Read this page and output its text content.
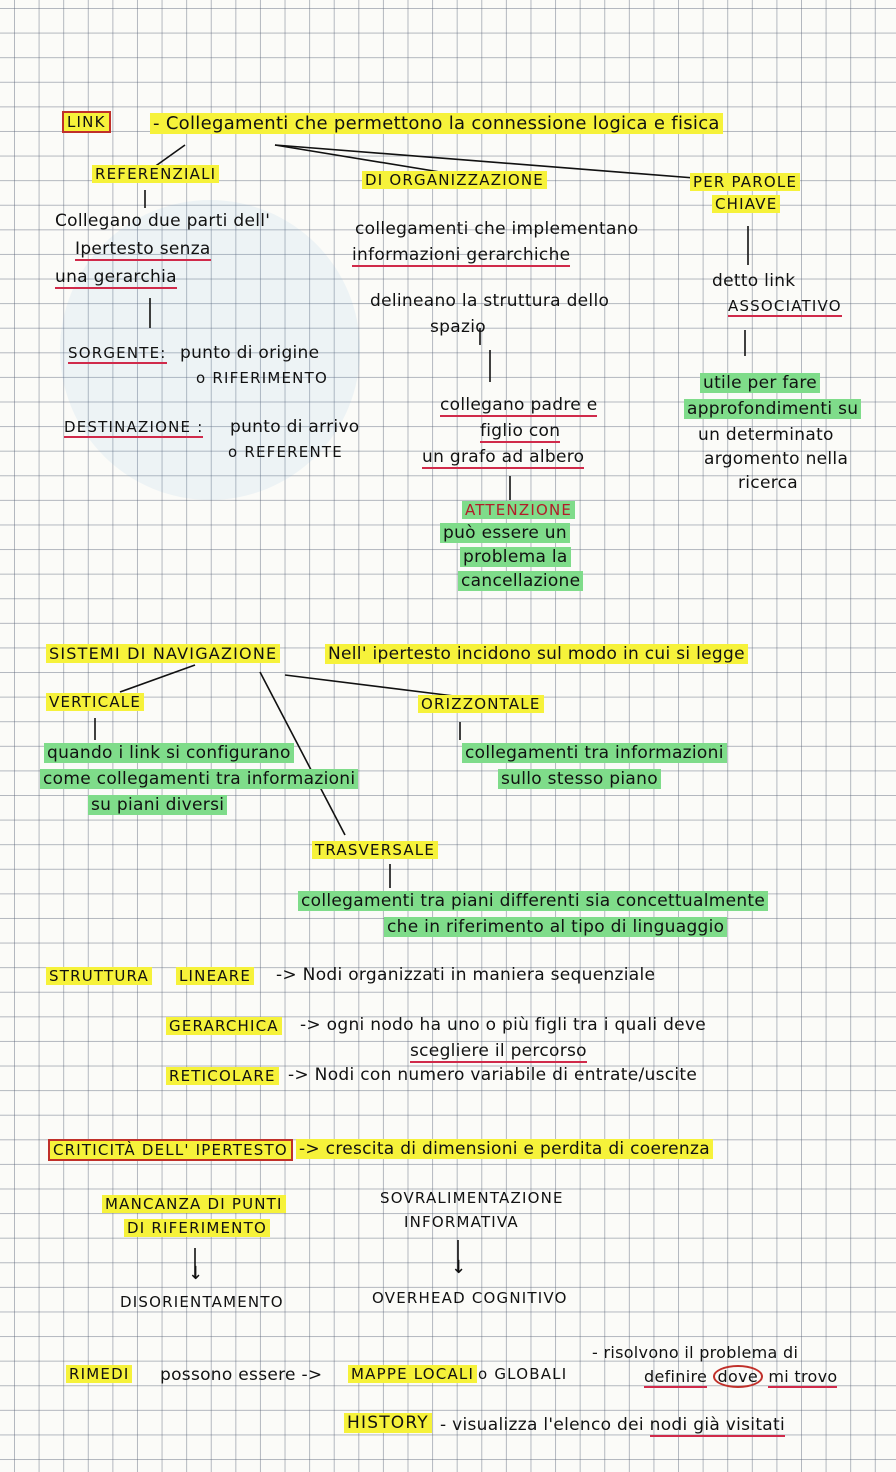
LINK	- Collegamenti che permettono la connessione logica e fisica
REFERENZIALI
Collegano due parti dell'
Ipertesto senza
una gerarchia
SORGENTE: punto di origine
o RIFERIMENTO
DESTINAZIONE : punto di arrivo
o REFERENTE
DI ORGANIZZAZIONE
collegamenti che implementano
informazioni gerarchiche
delineano la struttura dello
spazio
collegano padre e
figlio con
un grafo ad albero
ATTENZIONE
può essere un
problema la
cancellazione
PER PAROLE
CHIAVE
detto link
ASSOCIATIVO
utile per fare
approfondimenti su
un determinato
argomento nella
ricerca
SISTEMI DI NAVIGAZIONE	Nell' ipertesto incidono sul modo in cui si legge
VERTICALE
quando i link si configurano
come collegamenti tra informazioni
su piani diversi
ORIZZONTALE
collegamenti tra informazioni
sullo stesso piano
TRASVERSALE
collegamenti tra piani differenti sia concettualmente
che in riferimento al tipo di linguaggio
STRUTTURA LINEARE -> Nodi organizzati in maniera sequenziale
GERARCHICA -> ogni nodo ha uno o più figli tra i quali deve
scegliere il percorso
RETICOLARE -> Nodi con numero variabile di entrate/uscite
CRITICITÀ DELL' IPERTESTO -> crescita di dimensioni e perdita di coerenza
MANCANZA DI PUNTI
DI RIFERIMENTO
DISORIENTAMENTO
SOVRALIMENTAZIONE
INFORMATIVA
OVERHEAD COGNITIVO
RIMEDI possono essere -> MAPPE LOCALI o GLOBALI
- risolvono il problema di
definire dove mi trovo
HISTORY - visualizza l'elenco dei nodi già visitati
↓	↓
